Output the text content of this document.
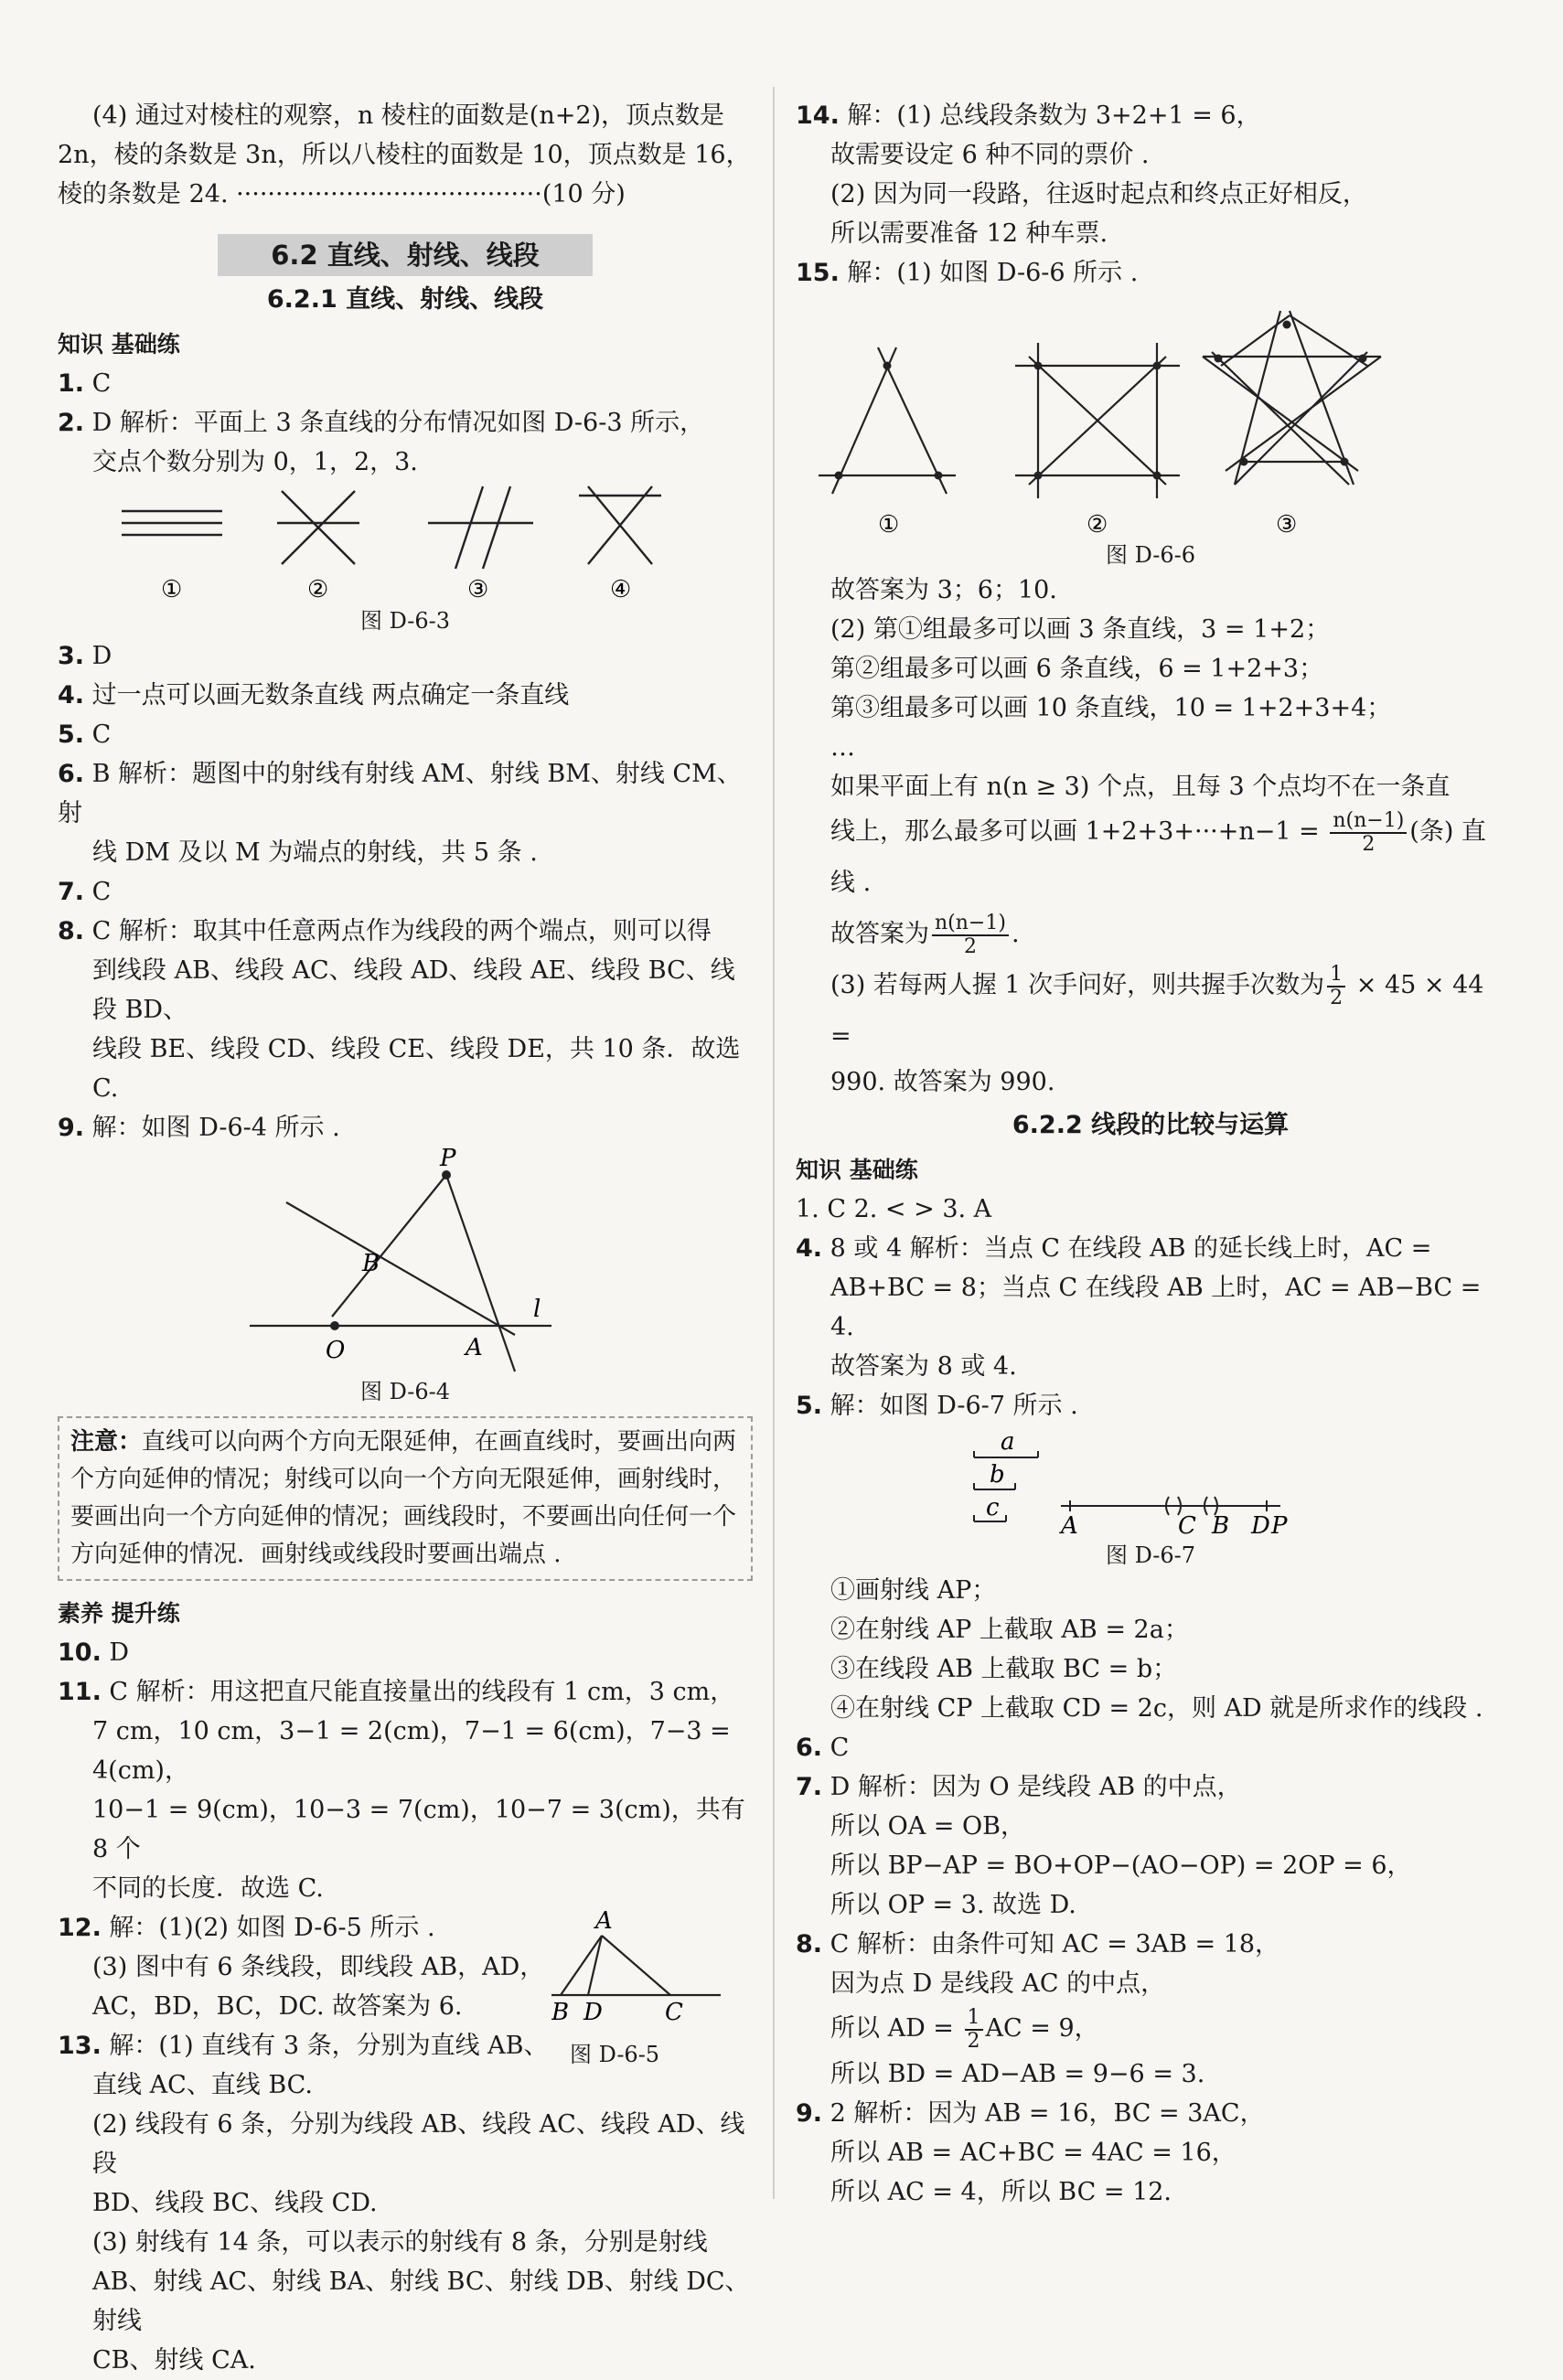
(4) 通过对棱柱的观察，n 棱柱的面数是(n+2)，顶点数是

2n，棱的条数是 3n，所以八棱柱的面数是 10，顶点数是 16，

棱的条数是 24. ·······································(10 分)

6.2 直线、射线、线段
6.2.1 直线、射线、线段

知识 基础练

1. C

2. D 解析：平面上 3 条直线的分布情况如图 D-6-3 所示，

交点个数分别为 0，1，2，3.

①	②	③	④

图 D-6-3

3. D

4. 过一点可以画无数条直线 两点确定一条直线

5. C

6. B 解析：题图中的射线有射线 AM、射线 BM、射线 CM、射

线 DM 及以 M 为端点的射线，共 5 条 .

7. C

8. C 解析：取其中任意两点作为线段的两个端点，则可以得

到线段 AB、线段 AC、线段 AD、线段 AE、线段 BC、线段 BD、

线段 BE、线段 CD、线段 CE、线段 DE，共 10 条．故选 C.

9. 解：如图 D-6-4 所示 .

P
B
l
O	A

图 D-6-4

注意：直线可以向两个方向无限延伸，在画直线时，要画出向两个方向延伸的情况；射线可以向一个方向无限延伸，画射线时，要画出向一个方向延伸的情况；画线段时，不要画出向任何一个方向延伸的情况．画射线或线段时要画出端点 .

素养 提升练

10. D

11. C 解析：用这把直尺能直接量出的线段有 1 cm，3 cm，

7 cm，10 cm，3−1 = 2(cm)，7−1 = 6(cm)，7−3 = 4(cm)，

10−1 = 9(cm)，10−3 = 7(cm)，10−7 = 3(cm)，共有 8 个

不同的长度．故选 C.

A
B D	C

图 D-6-5

12. 解：(1)(2) 如图 D-6-5 所示 .

(3) 图中有 6 条线段，即线段 AB，AD，

AC，BD，BC，DC. 故答案为 6.

13. 解：(1) 直线有 3 条，分别为直线 AB、

直线 AC、直线 BC.

(2) 线段有 6 条，分别为线段 AB、线段 AC、线段 AD、线段

BD、线段 BC、线段 CD.

(3) 射线有 14 条，可以表示的射线有 8 条，分别是射线

AB、射线 AC、射线 BA、射线 BC、射线 DB、射线 DC、射线

CB、射线 CA.

14. 解：(1) 总线段条数为 3+2+1 = 6，

故需要设定 6 种不同的票价 .

(2) 因为同一段路，往返时起点和终点正好相反，

所以需要准备 12 种车票.

15. 解：(1) 如图 D-6-6 所示 .

①	②	③

图 D-6-6

故答案为 3；6；10.

(2) 第①组最多可以画 3 条直线，3 = 1+2；

第②组最多可以画 6 条直线，6 = 1+2+3；

第③组最多可以画 10 条直线，10 = 1+2+3+4；

…

如果平面上有 n(n ≥ 3) 个点，且每 3 个点均不在一条直

线上，那么最多可以画 $1+2+3+\cdot\cdot\cdot+n-1 = \frac{n(n-1)}{2}$ (条) 直线 .

故答案为 $\frac{n(n-1)}{2}$ .

(3) 若每两人握 1 次手问好，则共握手次数为 $\frac{1}{2} \times 45 \times 44$ =

990. 故答案为 990.

6.2.2 线段的比较与运算

知识 基础练

1. C 2. < > 3. A

4. 8 或 4 解析：当点 C 在线段 AB 的延长线上时，AC =

AB+BC = 8；当点 C 在线段 AB 上时，AC = AB−BC = 4.

故答案为 8 或 4.

5. 解：如图 D-6-7 所示 .

a
b
c
A	C B D P

图 D-6-7

①画射线 AP；

②在射线 AP 上截取 AB = 2a；

③在线段 AB 上截取 BC = b；

④在射线 CP 上截取 CD = 2c，则 AD 就是所求作的线段 .

6. C

7. D 解析：因为 O 是线段 AB 的中点，

所以 OA = OB，

所以 BP−AP = BO+OP−(AO−OP) = 2OP = 6，

所以 OP = 3. 故选 D.

8. C 解析：由条件可知 AC = 3AB = 18，

因为点 D 是线段 AC 的中点，

所以 AD = $\frac{1}{2}$ AC = 9，

所以 BD = AD−AB = 9−6 = 3.

9. 2 解析：因为 AB = 16，BC = 3AC，

所以 AB = AC+BC = 4AC = 16，

所以 AC = 4，所以 BC = 12.
